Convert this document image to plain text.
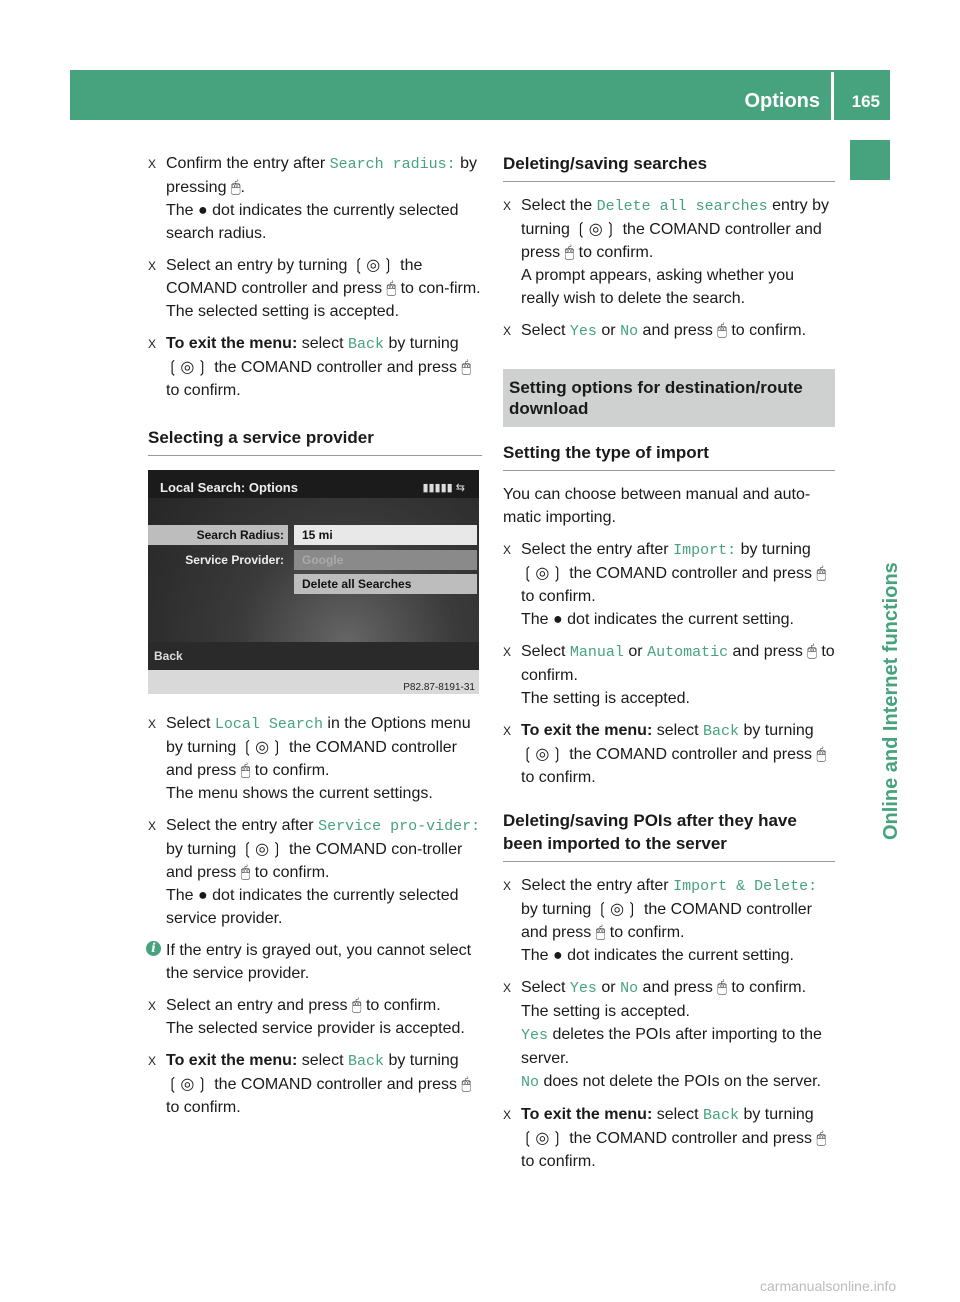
Options 165
Online and Internet functions
X Confirm the entry after Search radius: by pressing 🖱.
The ● dot indicates the currently selected search radius.
X Select an entry by turning ❲◎❳ the COMAND controller and press 🖱 to con-firm.
The selected setting is accepted.
X To exit the menu: select Back by turning ❲◎❳ the COMAND controller and press 🖱 to confirm.
Selecting a service provider
Local Search: Options	▮▮▮▮▮ ⇆
Search Radius:
Service Provider:
15 mi
Google
Delete all Searches
Back
P82.87-8191-31
X Select Local Search in the Options menu by turning ❲◎❳ the COMAND controller and press 🖱 to confirm.
The menu shows the current settings.
X Select the entry after Service pro-vider: by turning ❲◎❳ the COMAND con-troller and press 🖱 to confirm.
The ● dot indicates the currently selected service provider.
i If the entry is grayed out, you cannot select the service provider.
X Select an entry and press 🖱 to confirm.
The selected service provider is accepted.
X To exit the menu: select Back by turning ❲◎❳ the COMAND controller and press 🖱 to confirm.
Deleting/saving searches
X Select the Delete all searches entry by turning ❲◎❳ the COMAND controller and press 🖱 to confirm.
A prompt appears, asking whether you really wish to delete the search.
X Select Yes or No and press 🖱 to confirm.
Setting options for destination/route download
Setting the type of import
You can choose between manual and auto-matic importing.
X Select the entry after Import: by turning ❲◎❳ the COMAND controller and press 🖱 to confirm.
The ● dot indicates the current setting.
X Select Manual or Automatic and press 🖱 to confirm.
The setting is accepted.
X To exit the menu: select Back by turning ❲◎❳ the COMAND controller and press 🖱 to confirm.
Deleting/saving POIs after they have been imported to the server
X Select the entry after Import & Delete: by turning ❲◎❳ the COMAND controller and press 🖱 to confirm.
The ● dot indicates the current setting.
X Select Yes or No and press 🖱 to confirm.
The setting is accepted.
Yes deletes the POIs after importing to the server.
No does not delete the POIs on the server.
X To exit the menu: select Back by turning ❲◎❳ the COMAND controller and press 🖱 to confirm.
carmanualsonline.info
